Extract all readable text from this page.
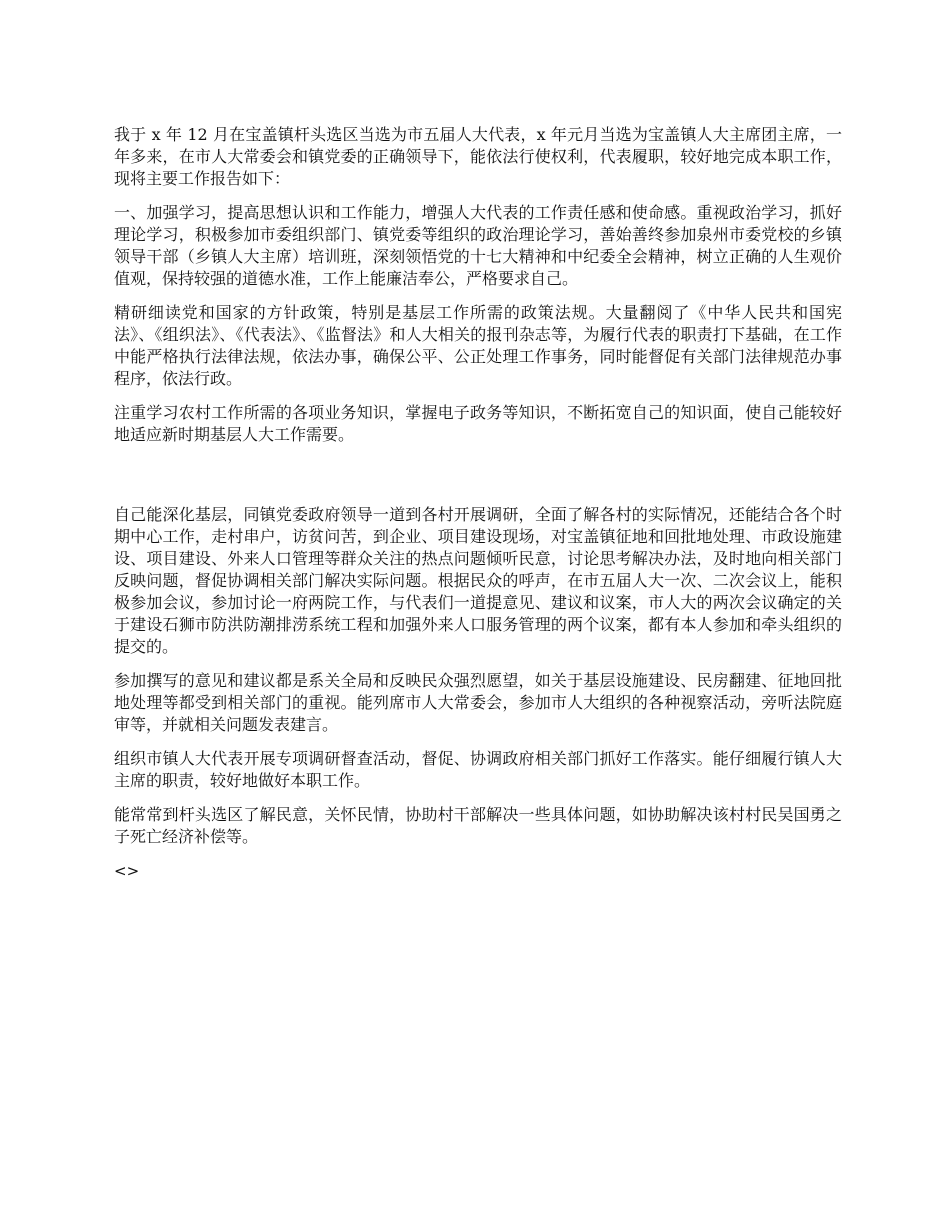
我于 x 年 12 月在宝盖镇杆头选区当选为市五届人大代表，x 年元月当选为宝盖镇人大主席团主席，一年多来，在市人大常委会和镇党委的正确领导下，能依法行使权利，代表履职，较好地完成本职工作，现将主要工作报告如下：

一、加强学习，提高思想认识和工作能力，增强人大代表的工作责任感和使命感。重视政治学习，抓好理论学习，积极参加市委组织部门、镇党委等组织的政治理论学习，善始善终参加泉州市委党校的乡镇领导干部（乡镇人大主席）培训班，深刻领悟党的十七大精神和中纪委全会精神，树立正确的人生观价值观，保持较强的道德水准，工作上能廉洁奉公，严格要求自己。

精研细读党和国家的方针政策，特别是基层工作所需的政策法规。大量翻阅了《中华人民共和国宪法》、《组织法》、《代表法》、《监督法》和人大相关的报刊杂志等，为履行代表的职责打下基础，在工作中能严格执行法律法规，依法办事，确保公平、公正处理工作事务，同时能督促有关部门法律规范办事程序，依法行政。

注重学习农村工作所需的各项业务知识，掌握电子政务等知识，不断拓宽自己的知识面，使自己能较好地适应新时期基层人大工作需要。

自己能深化基层，同镇党委政府领导一道到各村开展调研，全面了解各村的实际情况，还能结合各个时期中心工作，走村串户，访贫问苦，到企业、项目建设现场，对宝盖镇征地和回批地处理、市政设施建设、项目建设、外来人口管理等群众关注的热点问题倾听民意，讨论思考解决办法，及时地向相关部门反映问题，督促协调相关部门解决实际问题。根据民众的呼声，在市五届人大一次、二次会议上，能积极参加会议，参加讨论一府两院工作，与代表们一道提意见、建议和议案，市人大的两次会议确定的关于建设石狮市防洪防潮排涝系统工程和加强外来人口服务管理的两个议案，都有本人参加和牵头组织的提交的。

参加撰写的意见和建议都是系关全局和反映民众强烈愿望，如关于基层设施建设、民房翻建、征地回批地处理等都受到相关部门的重视。能列席市人大常委会，参加市人大组织的各种视察活动，旁听法院庭审等，并就相关问题发表建言。

组织市镇人大代表开展专项调研督查活动，督促、协调政府相关部门抓好工作落实。能仔细履行镇人大主席的职责，较好地做好本职工作。

能常常到杆头选区了解民意，关怀民情，协助村干部解决一些具体问题，如协助解决该村村民吴国勇之子死亡经济补偿等。

<>
